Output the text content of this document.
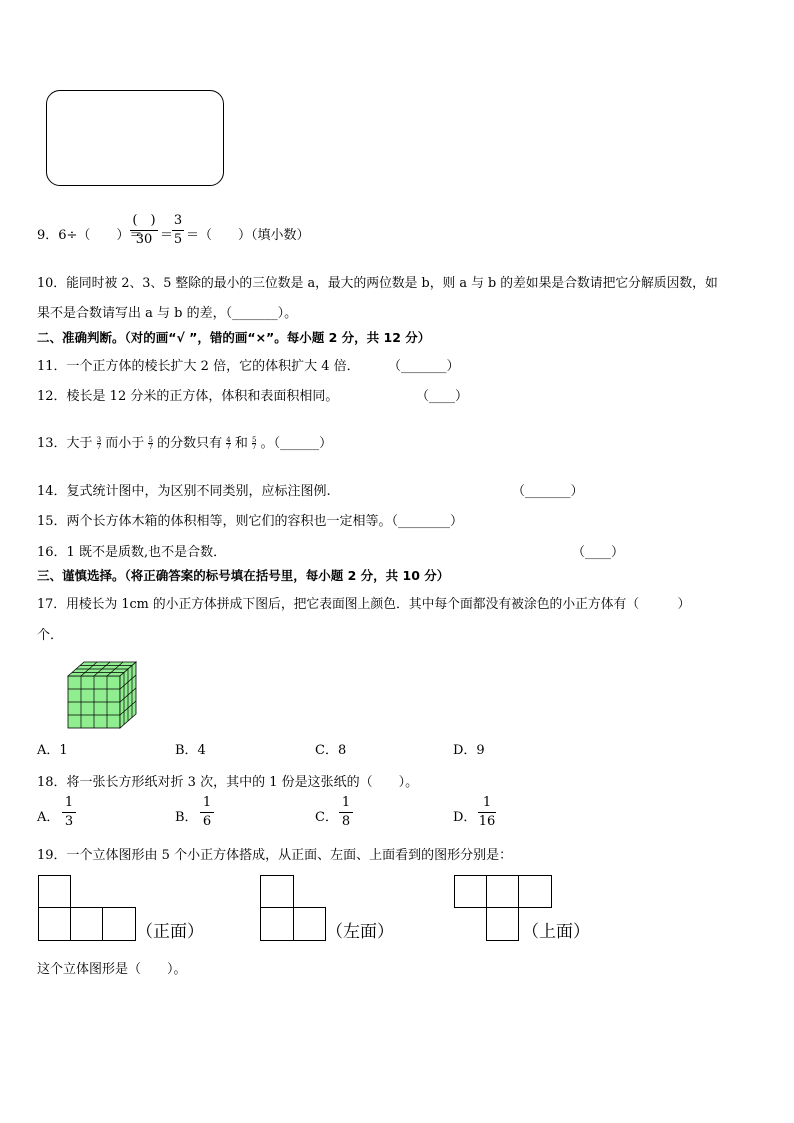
9．6÷（　　）＝
(　)
30 ＝
3
5 ＝（　　）（填小数）
10．能同时被 2、3、5 整除的最小的三位数是 a，最大的两位数是 b，则 a 与 b 的差如果是合数请把它分解质因数，如
果不是合数请写出 a 与 b 的差，（_______）。
二、准确判断。（对的画“√ ”，错的画“×”。每小题 2 分，共 12 分）
11．一个正方体的棱长扩大 2 倍，它的体积扩大 4 倍． （_______）
12．棱长是 12 分米的正方体，体积和表面积相同。	（____）
13．大于 $\frac{3}{7}$ 而小于 $\frac{5}{7}$ 的分数只有 $\frac{4}{7}$ 和 $\frac{5}{7}$ 。（______）
14．复式统计图中，为区别不同类别，应标注图例.	（_______）
15．两个长方体木箱的体积相等，则它们的容积也一定相等。（________）
16．1 既不是质数,也不是合数．	（____）
三、谨慎选择。（将正确答案的标号填在括号里，每小题 2 分，共 10 分）
17．用棱长为 1cm 的小正方体拼成下图后，把它表面图上颜色．其中每个面都没有被涂色的小正方体有（　　　）
个．
A．1	B．4	C．8	D．9
18．将一张长方形纸对折 3 次，其中的 1 份是这张纸的（　　）。
A．
1
3	B．
1
6	C．
1
8	D．
1
16
19．一个立体图形由 5 个小正方体搭成，从正面、左面、上面看到的图形分别是：
（正面）	（左面）	（上面）
这个立体图形是（　　）。
